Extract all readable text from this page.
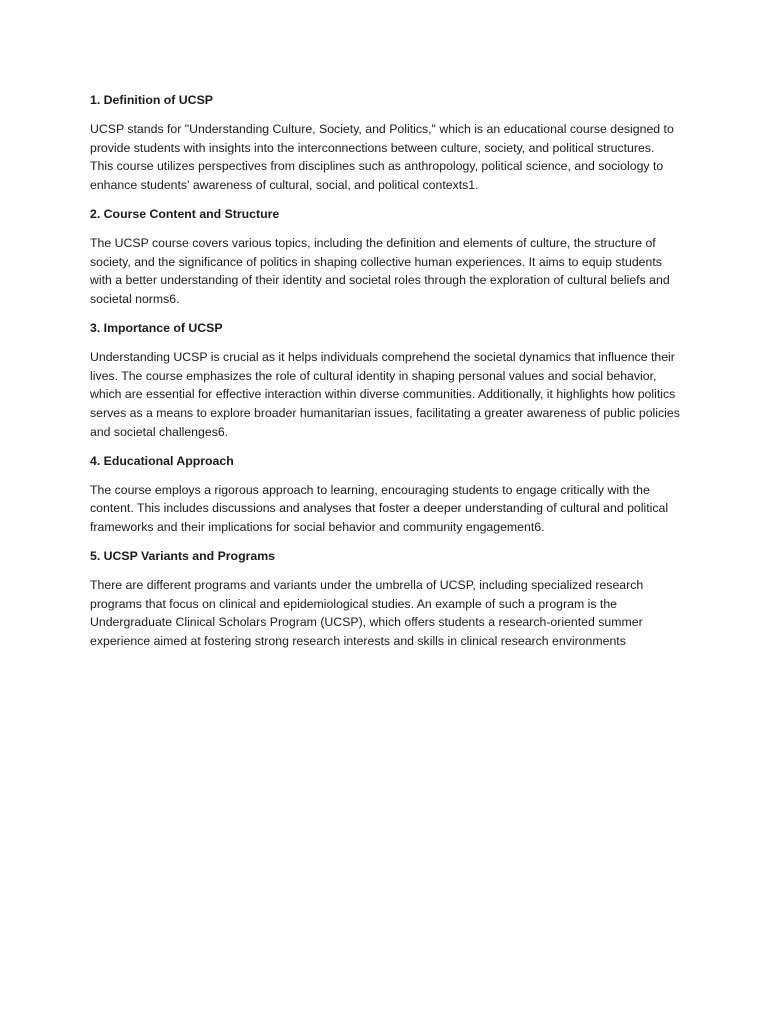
1. Definition of UCSP

UCSP stands for "Understanding Culture, Society, and Politics," which is an educational course designed to provide students with insights into the interconnections between culture, society, and political structures. This course utilizes perspectives from disciplines such as anthropology, political science, and sociology to enhance students' awareness of cultural, social, and political contexts1.

2. Course Content and Structure

The UCSP course covers various topics, including the definition and elements of culture, the structure of society, and the significance of politics in shaping collective human experiences. It aims to equip students with a better understanding of their identity and societal roles through the exploration of cultural beliefs and societal norms6.

3. Importance of UCSP

Understanding UCSP is crucial as it helps individuals comprehend the societal dynamics that influence their lives. The course emphasizes the role of cultural identity in shaping personal values and social behavior, which are essential for effective interaction within diverse communities. Additionally, it highlights how politics serves as a means to explore broader humanitarian issues, facilitating a greater awareness of public policies and societal challenges6.

4. Educational Approach

The course employs a rigorous approach to learning, encouraging students to engage critically with the content. This includes discussions and analyses that foster a deeper understanding of cultural and political frameworks and their implications for social behavior and community engagement6.

5. UCSP Variants and Programs

There are different programs and variants under the umbrella of UCSP, including specialized research programs that focus on clinical and epidemiological studies. An example of such a program is the Undergraduate Clinical Scholars Program (UCSP), which offers students a research-oriented summer experience aimed at fostering strong research interests and skills in clinical research environments
